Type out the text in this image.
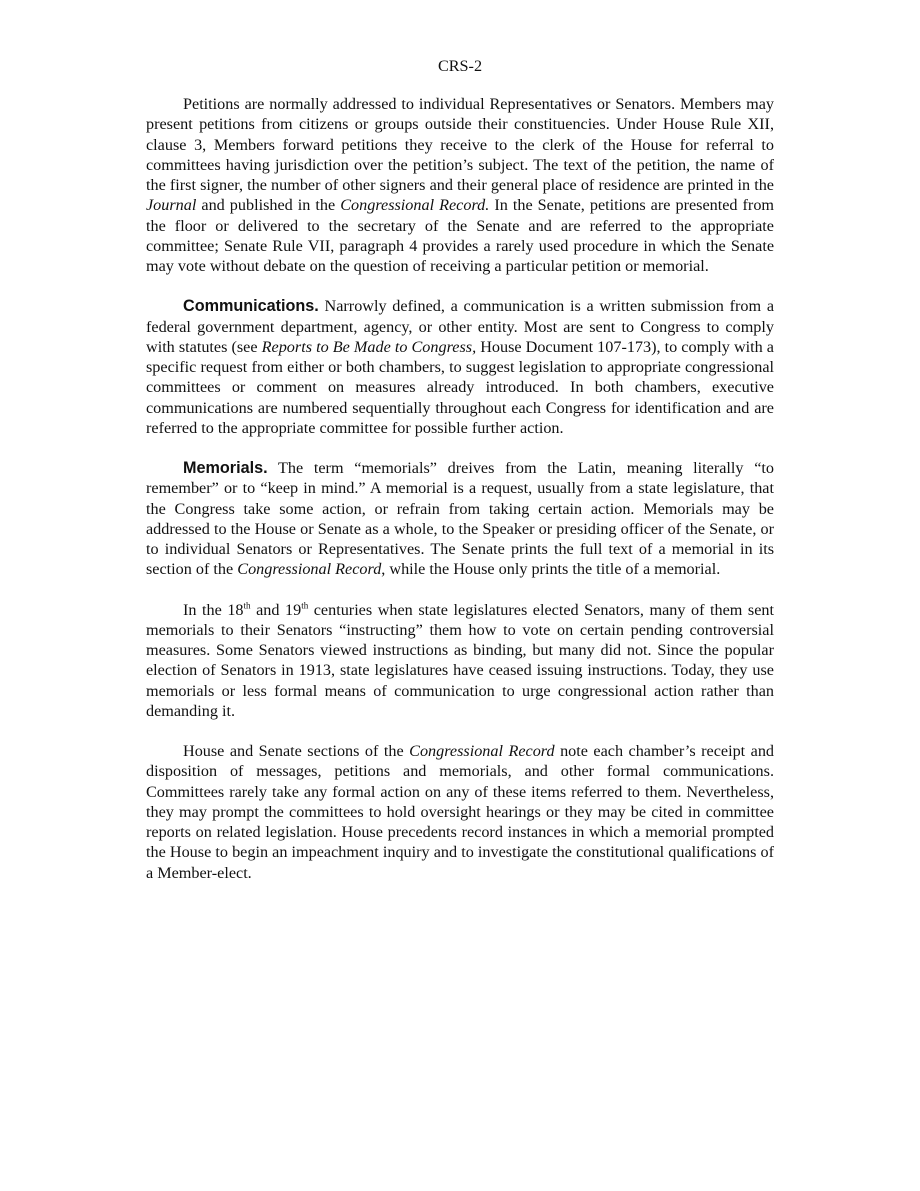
CRS-2

Petitions are normally addressed to individual Representatives or Senators. Members may present petitions from citizens or groups outside their constituencies. Under House Rule XII, clause 3, Members forward petitions they receive to the clerk of the House for referral to committees having jurisdiction over the petition’s subject. The text of the petition, the name of the first signer, the number of other signers and their general place of residence are printed in the Journal and published in the Congressional Record. In the Senate, petitions are presented from the floor or delivered to the secretary of the Senate and are referred to the appropriate committee; Senate Rule VII, paragraph 4 provides a rarely used procedure in which the Senate may vote without debate on the question of receiving a particular petition or memorial.

Communications. Narrowly defined, a communication is a written submission from a federal government department, agency, or other entity. Most are sent to Congress to comply with statutes (see Reports to Be Made to Congress, House Document 107-173), to comply with a specific request from either or both chambers, to suggest legislation to appropriate congressional committees or comment on measures already introduced. In both chambers, executive communications are numbered sequentially throughout each Congress for identification and are referred to the appropriate committee for possible further action.

Memorials. The term “memorials” dreives from the Latin, meaning literally “to remember” or to “keep in mind.” A memorial is a request, usually from a state legislature, that the Congress take some action, or refrain from taking certain action. Memorials may be addressed to the House or Senate as a whole, to the Speaker or presiding officer of the Senate, or to individual Senators or Representatives. The Senate prints the full text of a memorial in its section of the Congressional Record, while the House only prints the title of a memorial.

In the 18th and 19th centuries when state legislatures elected Senators, many of them sent memorials to their Senators “instructing” them how to vote on certain pending controversial measures. Some Senators viewed instructions as binding, but many did not. Since the popular election of Senators in 1913, state legislatures have ceased issuing instructions. Today, they use memorials or less formal means of communication to urge congressional action rather than demanding it.

House and Senate sections of the Congressional Record note each chamber’s receipt and disposition of messages, petitions and memorials, and other formal communications. Committees rarely take any formal action on any of these items referred to them. Nevertheless, they may prompt the committees to hold oversight hearings or they may be cited in committee reports on related legislation. House precedents record instances in which a memorial prompted the House to begin an impeachment inquiry and to investigate the constitutional qualifications of a Member-elect.
